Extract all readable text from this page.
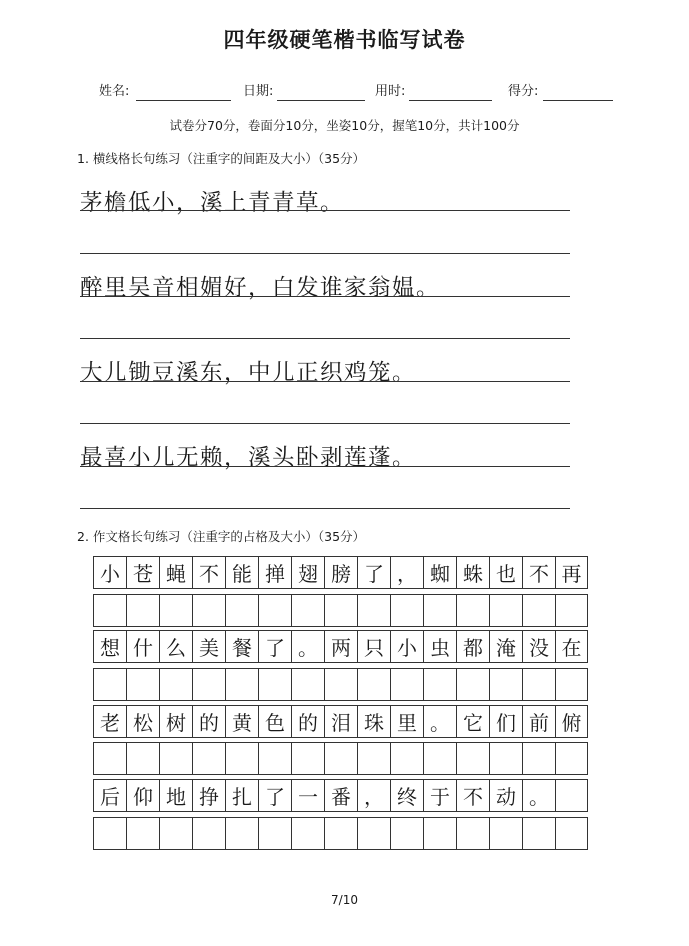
四年级硬笔楷书临写试卷
姓名:	日期:	用时:	得分:
试卷分70分，卷面分10分，坐姿10分，握笔10分，共计100分
1. 横线格长句练习（注重字的间距及大小）（35分）
茅檐低小，溪上青青草。
醉里吴音相媚好，白发谁家翁媪。
大儿锄豆溪东，中儿正织鸡笼。
最喜小儿无赖，溪头卧剥莲蓬。
2. 作文格长句练习（注重字的占格及大小）（35分）
小 苍 蝇 不 能 掸 翅 膀 了 ， 蜘 蛛 也 不 再
想 什 么 美 餐 了 。 两 只 小 虫 都 淹 没 在
老 松 树 的 黄 色 的 泪 珠 里 。 它 们 前 俯
后 仰 地 挣 扎 了 一 番 ， 终 于 不 动 。
7/10
